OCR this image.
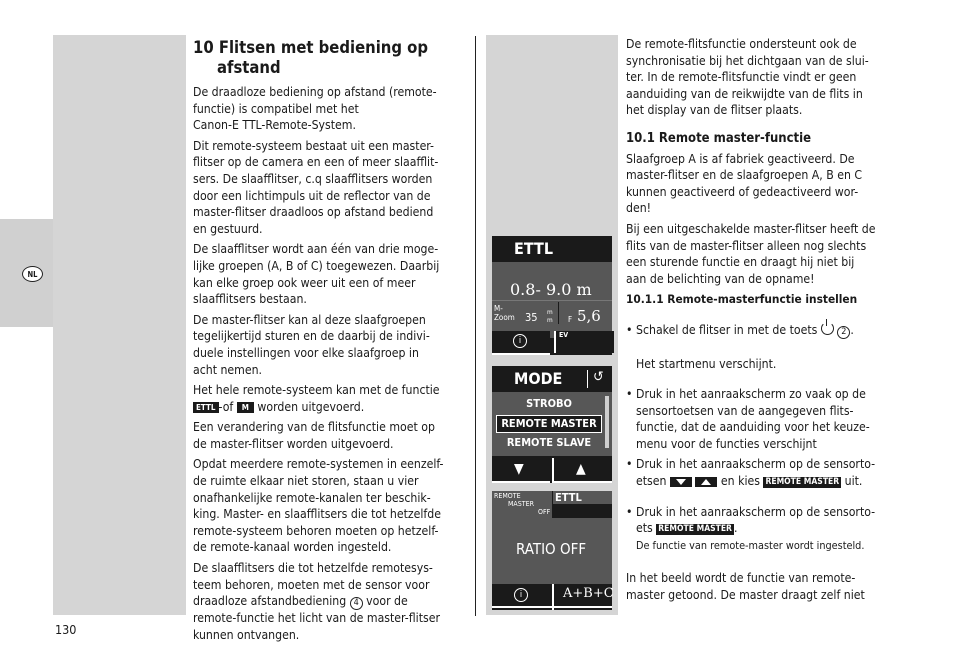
NL
130
10 Flitsen met bediening op
afstand

De draadloze bediening op afstand (remote-
functie) is compatibel met het
Canon-E TTL-Remote-System.

Dit remote-systeem bestaat uit een master-
flitser op de camera en een of meer slaafflit-
sers. De slaafflitser, c.q slaafflitsers worden
door een lichtimpuls uit de reflector van de
master-flitser draadloos op afstand bediend
en gestuurd.

De slaafflitser wordt aan één van drie moge-
lijke groepen (A, B of C) toegewezen. Daarbij
kan elke groep ook weer uit een of meer
slaafflitsers bestaan.

De master-flitser kan al deze slaafgroepen
tegelijkertijd sturen en de daarbij de indivi-
duele instellingen voor elke slaafgroep in
acht nemen.

Het hele remote-systeem kan met de functie
ETTL -of M worden uitgevoerd.

Een verandering van de flitsfunctie moet op
de master-flitser worden uitgevoerd.

Opdat meerdere remote-systemen in eenzelf-
de ruimte elkaar niet storen, staan u vier
onafhankelijke remote-kanalen ter beschik-
king. Master- en slaafflitsers die tot hetzelfde
remote-systeem behoren moeten op hetzelf-
de remote-kanaal worden ingesteld.

De slaafflitsers die tot hetzelfde remotesys-
teem behoren, moeten met de sensor voor
draadloze afstandbediening 4 voor de
remote-functie het licht van de master-flitser
kunnen ontvangen.

ETTL
0.8- 9.0 m
M-
Zoom 35 m
m F 5,6
i
EV
MODE ↺
STROBO
REMOTE MASTER
REMOTE SLAVE
▼	▲
REMOTE
MASTER
OFF
ETTL
RATIO OFF
i	A+B+C

De remote-flitsfunctie ondersteunt ook de
synchronisatie bij het dichtgaan van de slui-
ter. In de remote-flitsfunctie vindt er geen
aanduiding van de reikwijdte van de flits in
het display van de flitser plaats.

10.1 Remote master-functie

Slaafgroep A is af fabriek geactiveerd. De
master-flitser en de slaafgroepen A, B en C
kunnen geactiveerd of gedeactiveerd wor-
den!

Bij een uitgeschakelde master-flitser heeft de
flits van de master-flitser alleen nog slechts
een sturende functie en draagt hij niet bij
aan de belichting van de opname!

10.1.1 Remote-masterfunctie instellen
• Schakel de flitser in met de toets	2 .

Het startmenu verschijnt.
• Druk in het aanraakscherm zo vaak op de
sensortoetsen van de aangegeven flits-
functie, dat de aanduiding voor het keuze-
menu voor de functies verschijnt

• Druk in het aanraakscherm op de sensorto-
etsen
	en kies REMOTE MASTER uit.
• Druk in het aanraakscherm op de sensorto-
ets REMOTE MASTER .
De functie van remote-master wordt ingesteld.

In het beeld wordt de functie van remote-
master getoond. De master draagt zelf niet
